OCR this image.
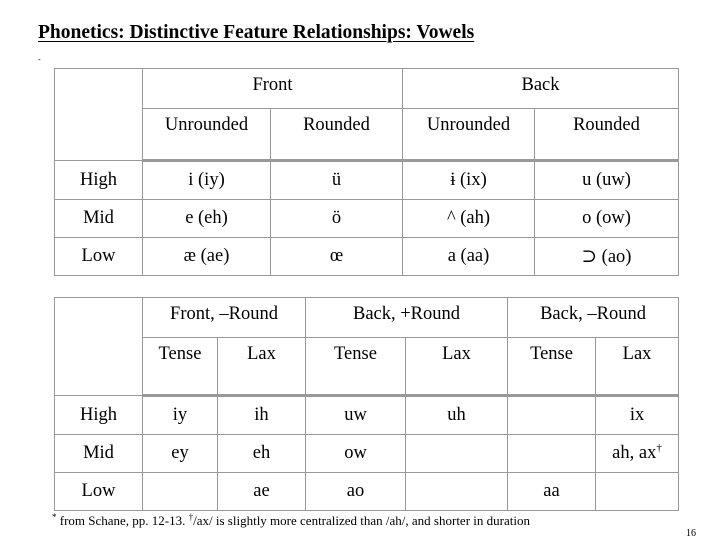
Phonetics: Distinctive Feature Relationships: Vowels
-
	Front		Back	
	Unrounded	Rounded	Unrounded	Rounded
High	i (iy)	ü	ɨ (ix)	u (uw)
Mid	e (eh)	ö	^ (ah)	o (ow)
Low	æ (ae)	œ	a (aa)	⊃ (ao)
	Front, –Round		Back, +Round		Back, –Round	
	Tense	Lax	Tense	Lax	Tense	Lax
High	iy	ih	uw	uh		ix
Mid	ey	eh	ow			ah, ax†
Low		ae	ao		aa	
* from Schane, pp. 12-13. †/ax/ is slightly more centralized than /ah/, and shorter in duration
16
